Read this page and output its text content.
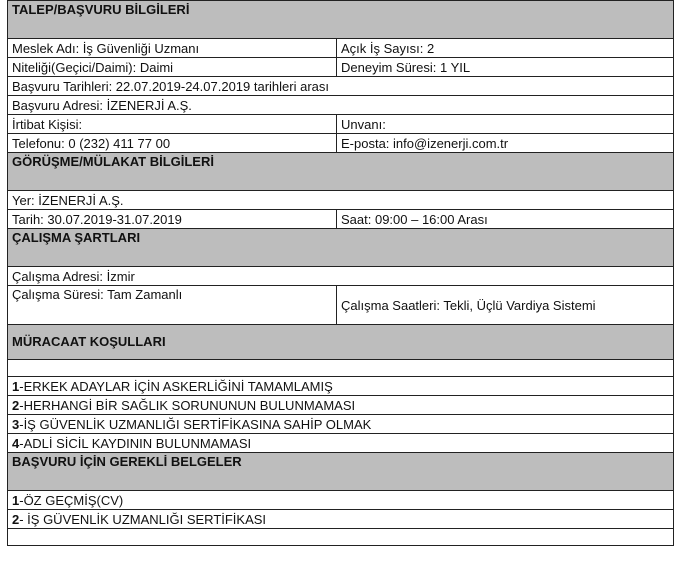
TALEP/BAŞVURU BİLGİLERİ	
Meslek Adı: İş Güvenliği Uzmanı	Açık İş Sayısı: 2
Niteliği(Geçici/Daimi): Daimi	Deneyim Süresi: 1 YIL
Başvuru Tarihleri: 22.07.2019-24.07.2019 tarihleri arası	
Başvuru Adresi: İZENERJİ A.Ş.	
İrtibat Kişisi:	Unvanı:
Telefonu: 0 (232) 411 77 00	E-posta: info@izenerji.com.tr
GÖRÜŞME/MÜLAKAT BİLGİLERİ	
Yer: İZENERJİ A.Ş.	
Tarih: 30.07.2019-31.07.2019	Saat: 09:00 – 16:00 Arası
ÇALIŞMA ŞARTLARI	
Çalışma Adresi: İzmir	
Çalışma Süresi: Tam Zamanlı	Çalışma Saatleri: Tekli, Üçlü Vardiya Sistemi
MÜRACAAT KOŞULLARI	

1-ERKEK ADAYLAR İÇİN ASKERLİĞİNİ TAMAMLAMIŞ	
2-HERHANGİ BİR SAĞLIK SORUNUNUN BULUNMAMASI	
3-İŞ GÜVENLİK UZMANLIĞI SERTİFİKASINA SAHİP OLMAK	
4-ADLİ SİCİL KAYDININ BULUNMAMASI	
BAŞVURU İÇİN GEREKLİ BELGELER	
1-ÖZ GEÇMİŞ(CV)	
2- İŞ GÜVENLİK UZMANLIĞI SERTİFİKASI	
